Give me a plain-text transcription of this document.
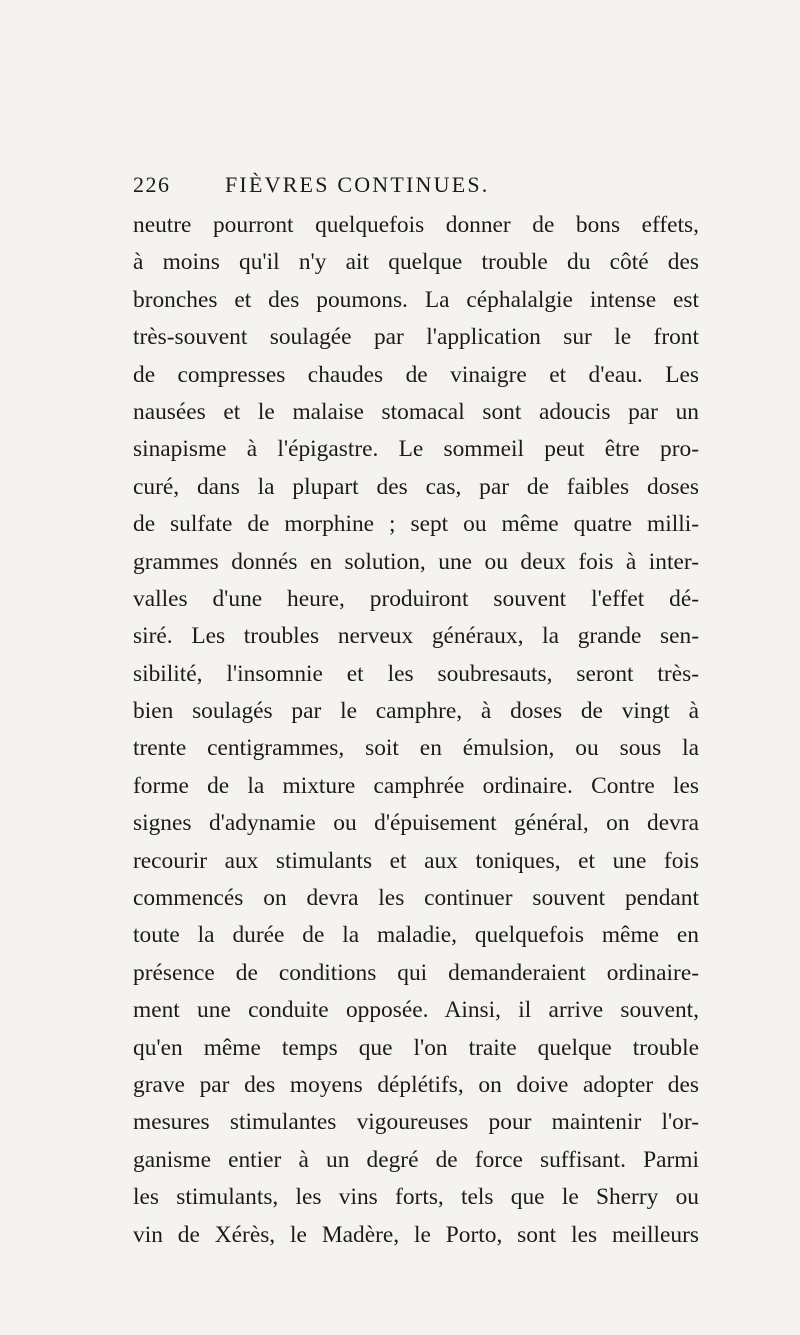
226 FIÈVRES CONTINUES.
neutre pourront quelquefois donner de bons effets,
à moins qu'il n'y ait quelque trouble du côté des
bronches et des poumons. La céphalalgie intense est
très-souvent soulagée par l'application sur le front
de compresses chaudes de vinaigre et d'eau. Les
nausées et le malaise stomacal sont adoucis par un
sinapisme à l'épigastre. Le sommeil peut être pro-
curé, dans la plupart des cas, par de faibles doses
de sulfate de morphine ; sept ou même quatre milli-
grammes donnés en solution, une ou deux fois à inter-
valles d'une heure, produiront souvent l'effet dé-
siré. Les troubles nerveux généraux, la grande sen-
sibilité, l'insomnie et les soubresauts, seront très-
bien soulagés par le camphre, à doses de vingt à
trente centigrammes, soit en émulsion, ou sous la
forme de la mixture camphrée ordinaire. Contre les
signes d'adynamie ou d'épuisement général, on devra
recourir aux stimulants et aux toniques, et une fois
commencés on devra les continuer souvent pendant
toute la durée de la maladie, quelquefois même en
présence de conditions qui demanderaient ordinaire-
ment une conduite opposée. Ainsi, il arrive souvent,
qu'en même temps que l'on traite quelque trouble
grave par des moyens déplétifs, on doive adopter des
mesures stimulantes vigoureuses pour maintenir l'or-
ganisme entier à un degré de force suffisant. Parmi
les stimulants, les vins forts, tels que le Sherry ou
vin de Xérès, le Madère, le Porto, sont les meilleurs
